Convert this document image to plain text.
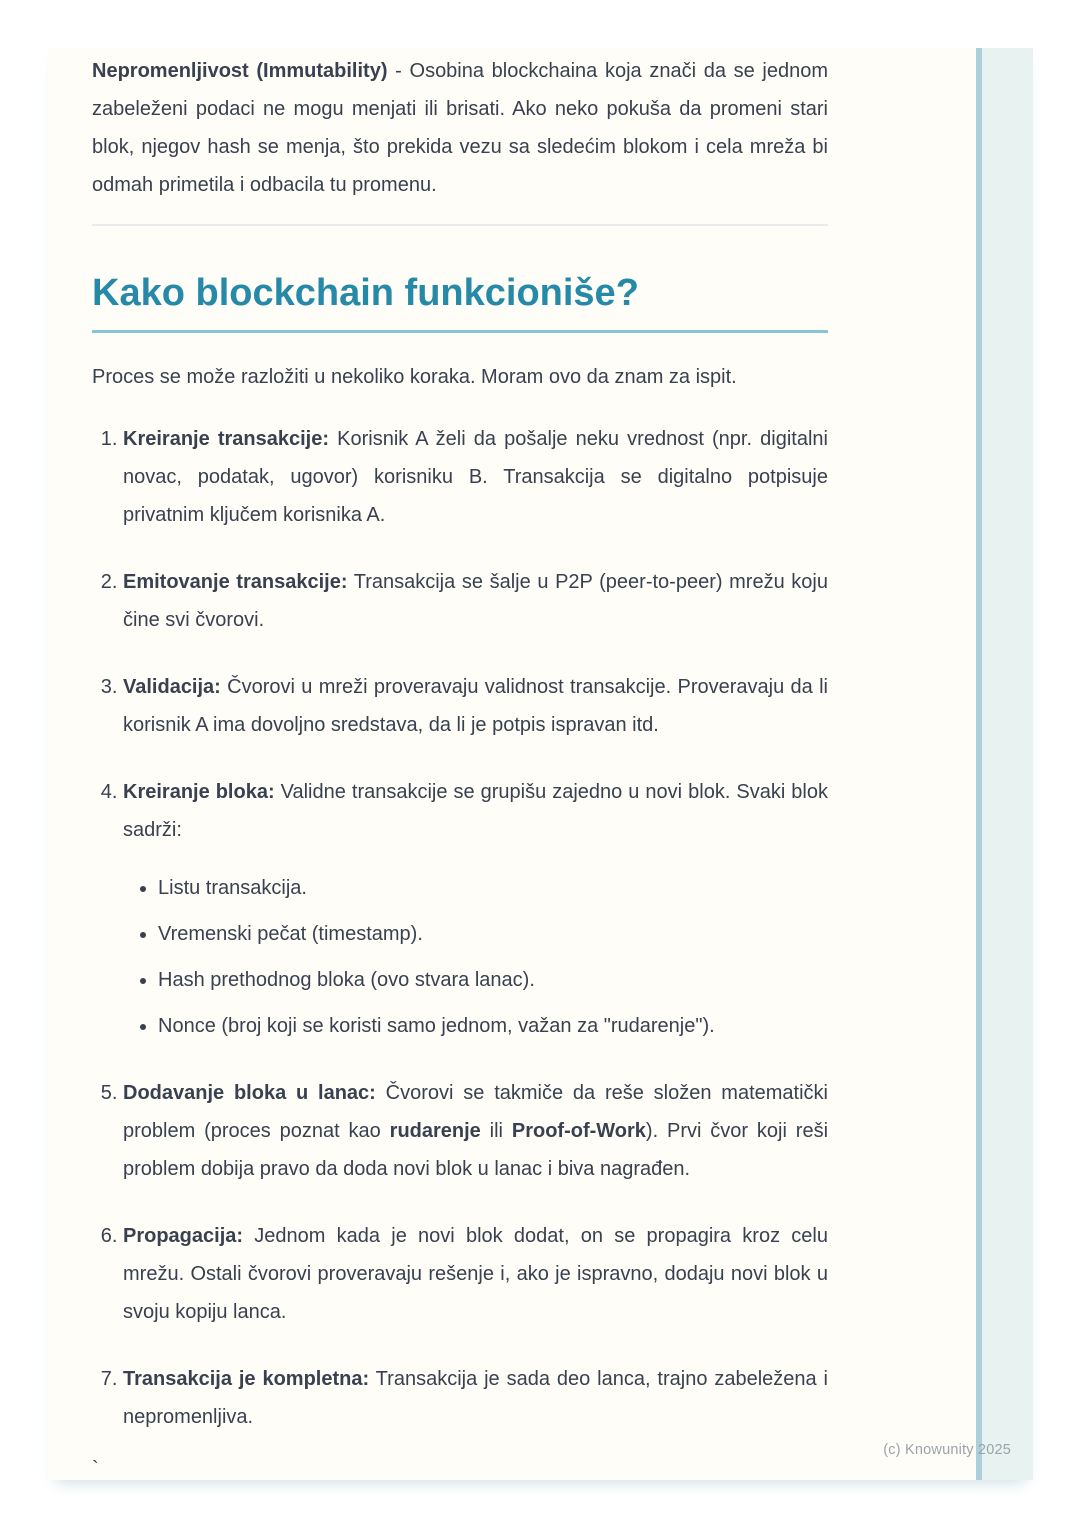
Nepromenljivost (Immutability) - Osobina blockchaina koja znači da se jednom zabeleženi podaci ne mogu menjati ili brisati. Ako neko pokuša da promeni stari blok, njegov hash se menja, što prekida vezu sa sledećim blokom i cela mreža bi odmah primetila i odbacila tu promenu.

Kako blockchain funkcioniše?

Proces se može razložiti u nekoliko koraka. Moram ovo da znam za ispit.

1. Kreiranje transakcije: Korisnik A želi da pošalje neku vrednost (npr. digitalni novac, podatak, ugovor) korisniku B. Transakcija se digitalno potpisuje privatnim ključem korisnika A.
2. Emitovanje transakcije: Transakcija se šalje u P2P (peer-to-peer) mrežu koju čine svi čvorovi.
3. Validacija: Čvorovi u mreži proveravaju validnost transakcije. Proveravaju da li korisnik A ima dovoljno sredstava, da li je potpis ispravan itd.
4. Kreiranje bloka: Validne transakcije se grupišu zajedno u novi blok. Svaki blok sadrži:
• Listu transakcija.
• Vremenski pečat (timestamp).
• Hash prethodnog bloka (ovo stvara lanac).
• Nonce (broj koji se koristi samo jednom, važan za "rudarenje").
5. Dodavanje bloka u lanac: Čvorovi se takmiče da reše složen matematički problem (proces poznat kao rudarenje ili Proof-of-Work). Prvi čvor koji reši problem dobija pravo da doda novi blok u lanac i biva nagrađen.
6. Propagacija: Jednom kada je novi blok dodat, on se propagira kroz celu mrežu. Ostali čvorovi proveravaju rešenje i, ako je ispravno, dodaju novi blok u svoju kopiju lanca.
7. Transakcija je kompletna: Transakcija je sada deo lanca, trajno zabeležena i nepromenljiva.

`

(c) Knowunity 2025
